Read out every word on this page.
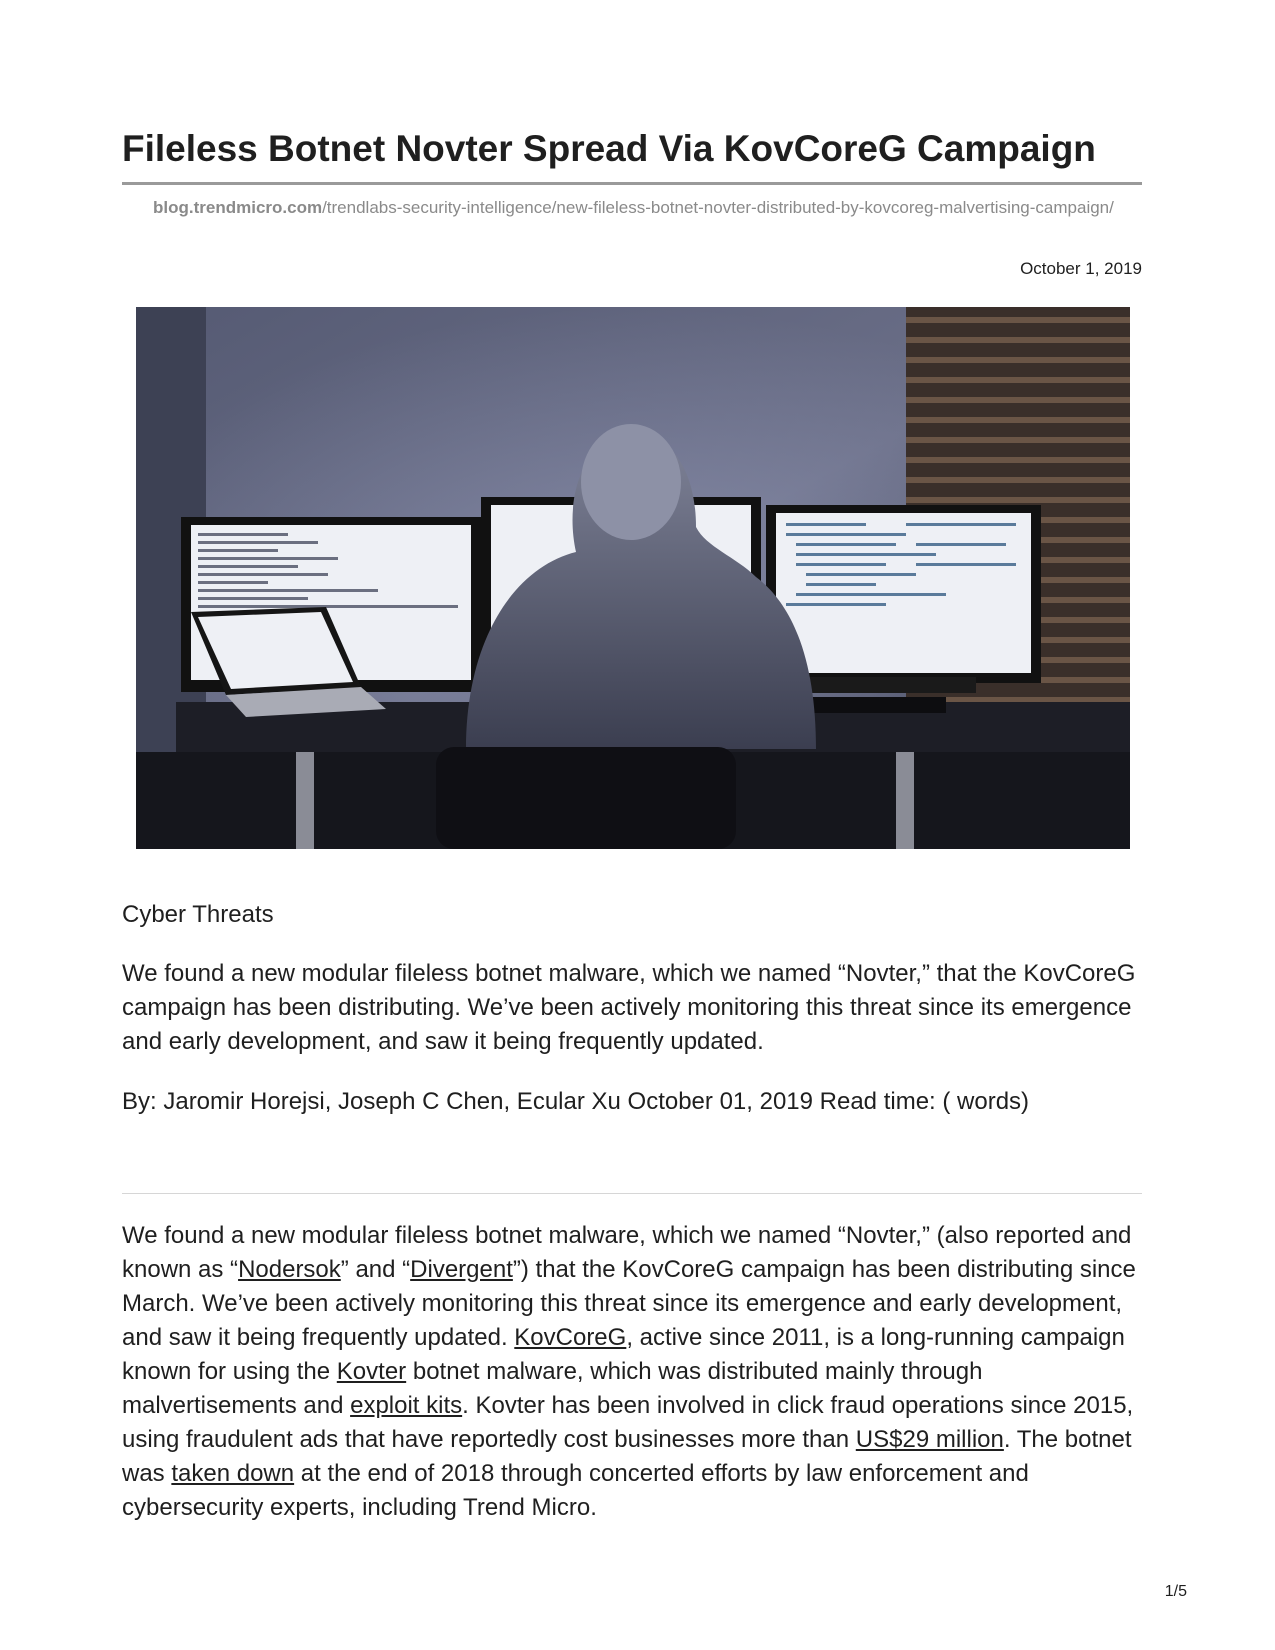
Fileless Botnet Novter Spread Via KovCoreG Campaign
blog.trendmicro.com/trendlabs-security-intelligence/new-fileless-botnet-novter-distributed-by-kovcoreg-malvertising-campaign/
October 1, 2019
Cyber Threats

We found a new modular fileless botnet malware, which we named “Novter,” that the KovCoreG campaign has been distributing. We’ve been actively monitoring this threat since its emergence and early development, and saw it being frequently updated.

By: Jaromir Horejsi, Joseph C Chen, Ecular Xu October 01, 2019 Read time: ( words)

We found a new modular fileless botnet malware, which we named “Novter,” (also reported and known as “Nodersok” and “Divergent”) that the KovCoreG campaign has been distributing since March. We’ve been actively monitoring this threat since its emergence and early development, and saw it being frequently updated. KovCoreG, active since 2011, is a long-running campaign known for using the Kovter botnet malware, which was distributed mainly through malvertisements and exploit kits. Kovter has been involved in click fraud operations since 2015, using fraudulent ads that have reportedly cost businesses more than US$29 million. The botnet was taken down at the end of 2018 through concerted efforts by law enforcement and cybersecurity experts, including Trend Micro.

1/5
